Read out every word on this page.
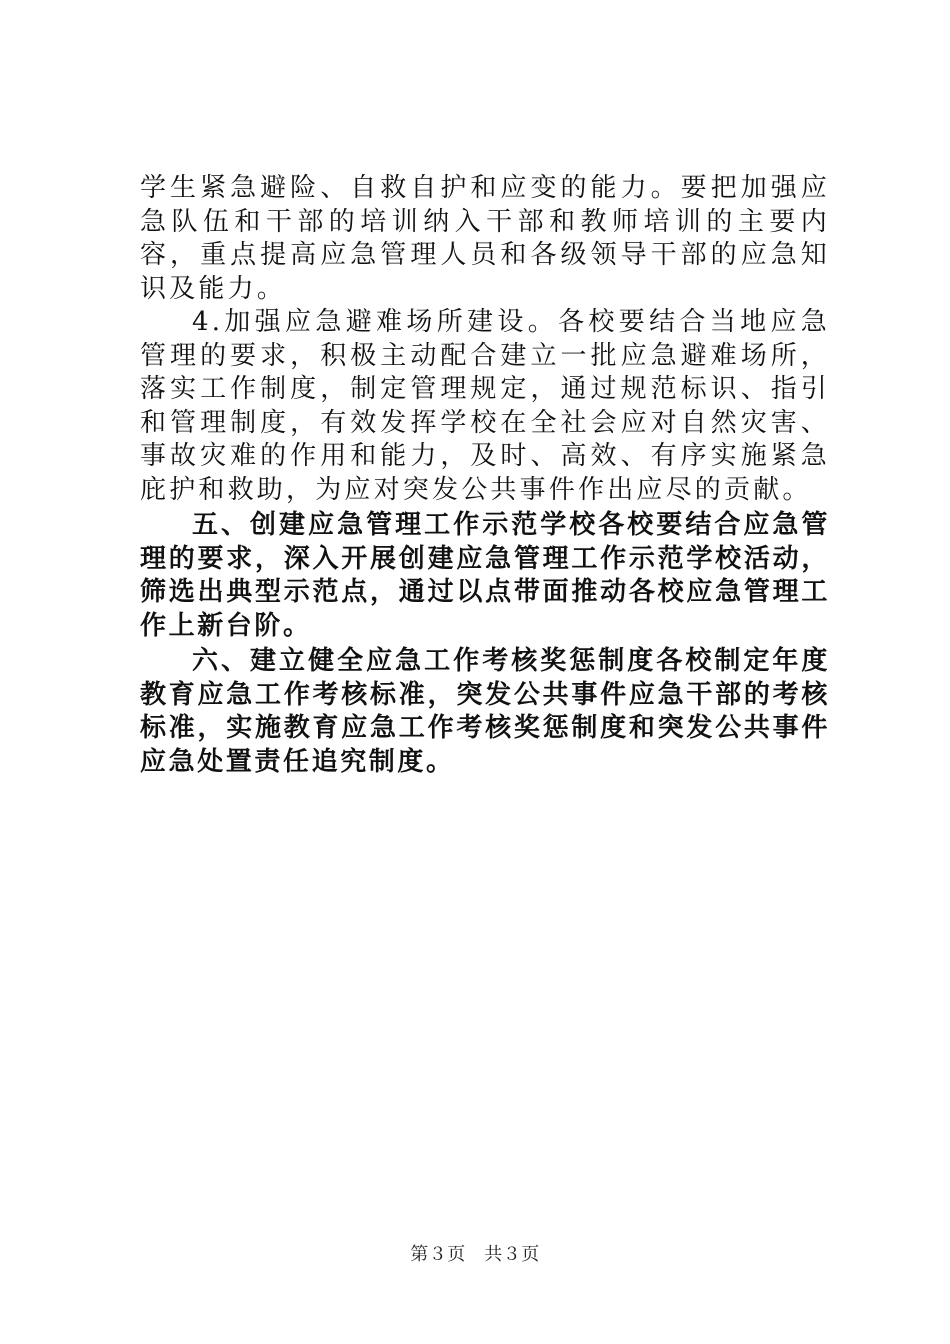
学生紧急避险、自救自护和应变的能力。要把加强应急队伍和干部的培训纳入干部和教师培训的主要内容，重点提高应急管理人员和各级领导干部的应急知识及能力。

4.加强应急避难场所建设。各校要结合当地应急管理的要求，积极主动配合建立一批应急避难场所，落实工作制度，制定管理规定，通过规范标识、指引和管理制度，有效发挥学校在全社会应对自然灾害、事故灾难的作用和能力，及时、高效、有序实施紧急庇护和救助，为应对突发公共事件作出应尽的贡献。

五、创建应急管理工作示范学校各校要结合应急管理的要求，深入开展创建应急管理工作示范学校活动，筛选出典型示范点，通过以点带面推动各校应急管理工作上新台阶。

六、建立健全应急工作考核奖惩制度各校制定年度教育应急工作考核标准，突发公共事件应急干部的考核标准，实施教育应急工作考核奖惩制度和突发公共事件应急处置责任追究制度。

第３页　共３页
